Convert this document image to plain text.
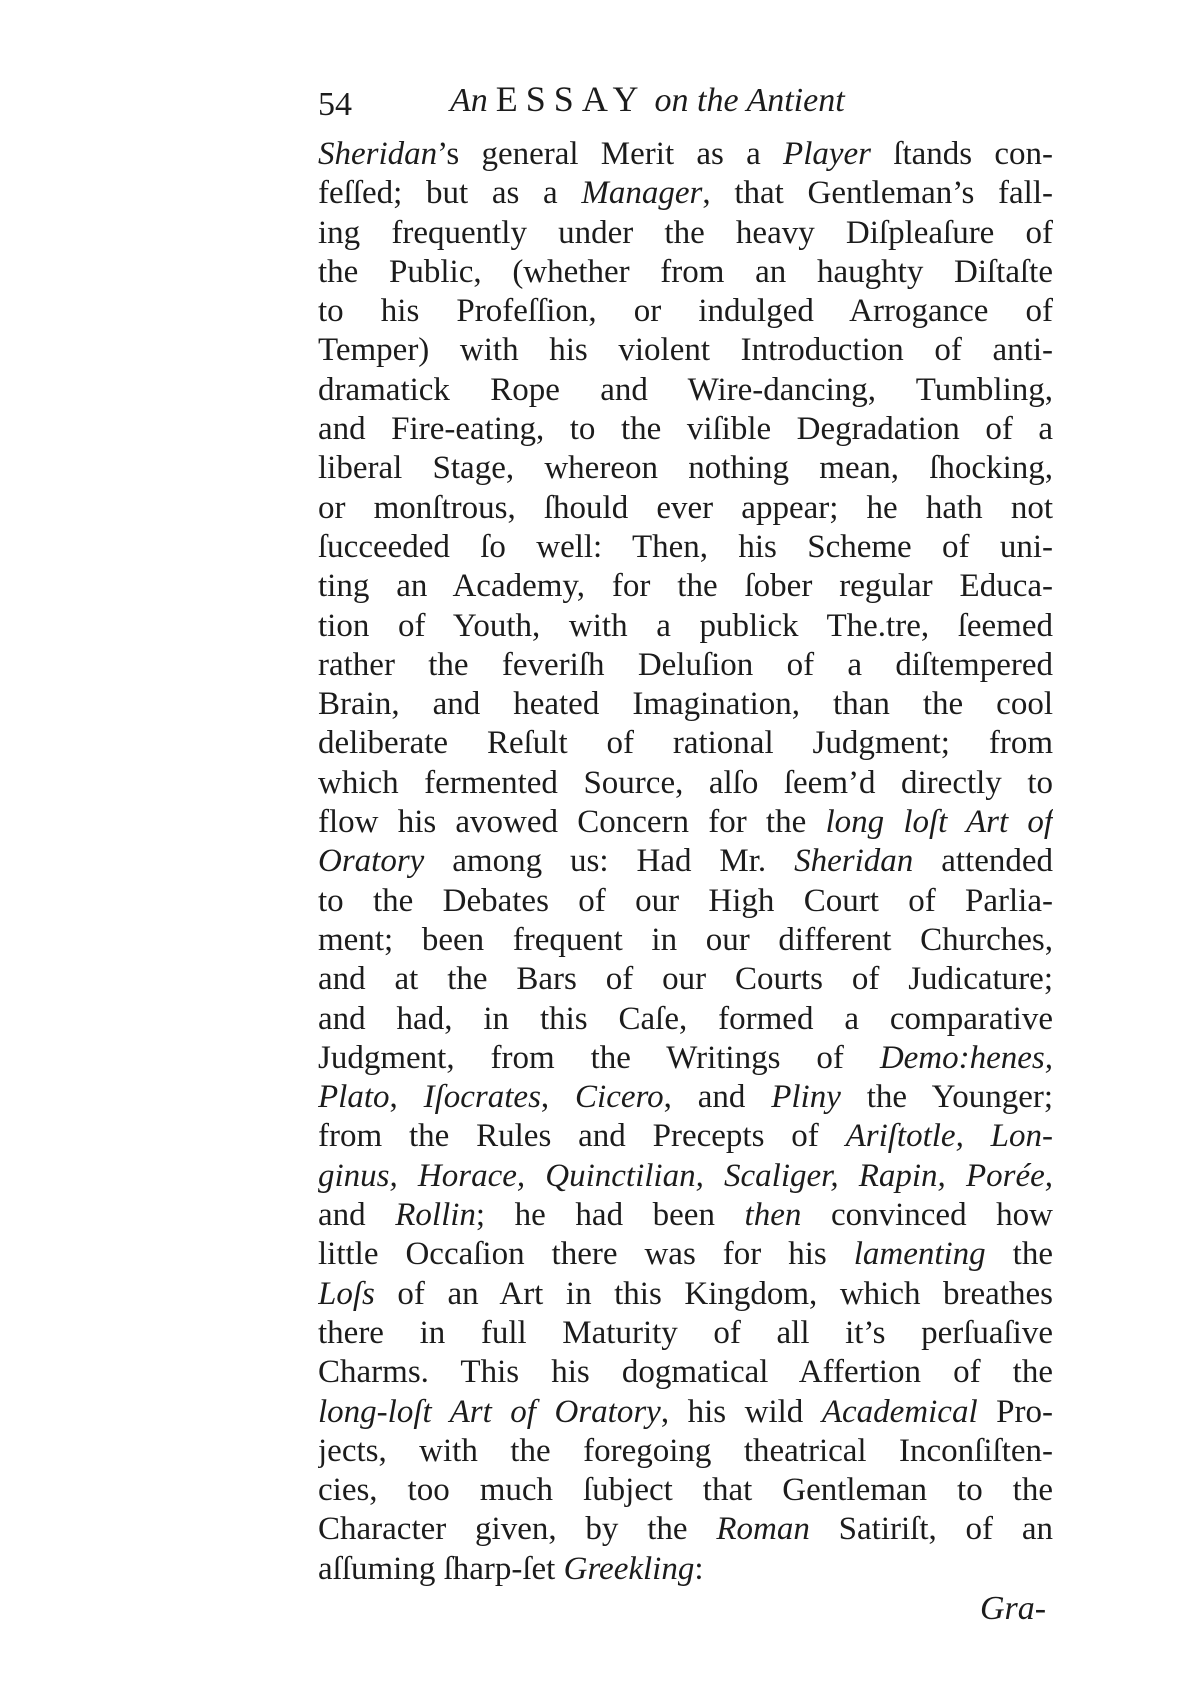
54	An ESSAY on the Antient
Sheridan’s general Merit as a Player ſtands con-
feſſed; but as a Manager, that Gentleman’s fall-
ing frequently under the heavy Diſpleaſure of
the Public, (whether from an haughty Diſtaſte
to his Profeſſion, or indulged Arrogance of
Temper) with his violent Introduction of anti-
dramatick Rope and Wire-dancing, Tumbling,
and Fire-eating, to the viſible Degradation of a
liberal Stage, whereon nothing mean, ſhocking,
or monſtrous, ſhould ever appear; he hath not
ſucceeded ſo well: Then, his Scheme of uni-
ting an Academy, for the ſober regular Educa-
tion of Youth, with a publick The.tre, ſeemed
rather the feveriſh Deluſion of a diſtempered
Brain, and heated Imagination, than the cool
deliberate Reſult of rational Judgment; from
which fermented Source, alſo ſeem’d directly to
flow his avowed Concern for the long loſt Art of
Oratory among us: Had Mr. Sheridan attended
to the Debates of our High Court of Parlia-
ment; been frequent in our different Churches,
and at the Bars of our Courts of Judicature;
and had, in this Caſe, formed a comparative
Judgment, from the Writings of Demo:henes,
Plato, Iſocrates, Cicero, and Pliny the Younger;
from the Rules and Precepts of Ariſtotle, Lon-
ginus, Horace, Quinctilian, Scaliger, Rapin, Porée,
and Rollin; he had been then convinced how
little Occaſion there was for his lamenting the
Loſs of an Art in this Kingdom, which breathes
there in full Maturity of all it’s perſuaſive
Charms. This his dogmatical Affertion of the
long-loſt Art of Oratory, his wild Academical Pro-
jects, with the foregoing theatrical Inconſiſten-
cies, too much ſubject that Gentleman to the
Character given, by the Roman Satiriſt, of an
aſſuming ſharp-ſet Greekling:
Gra-
